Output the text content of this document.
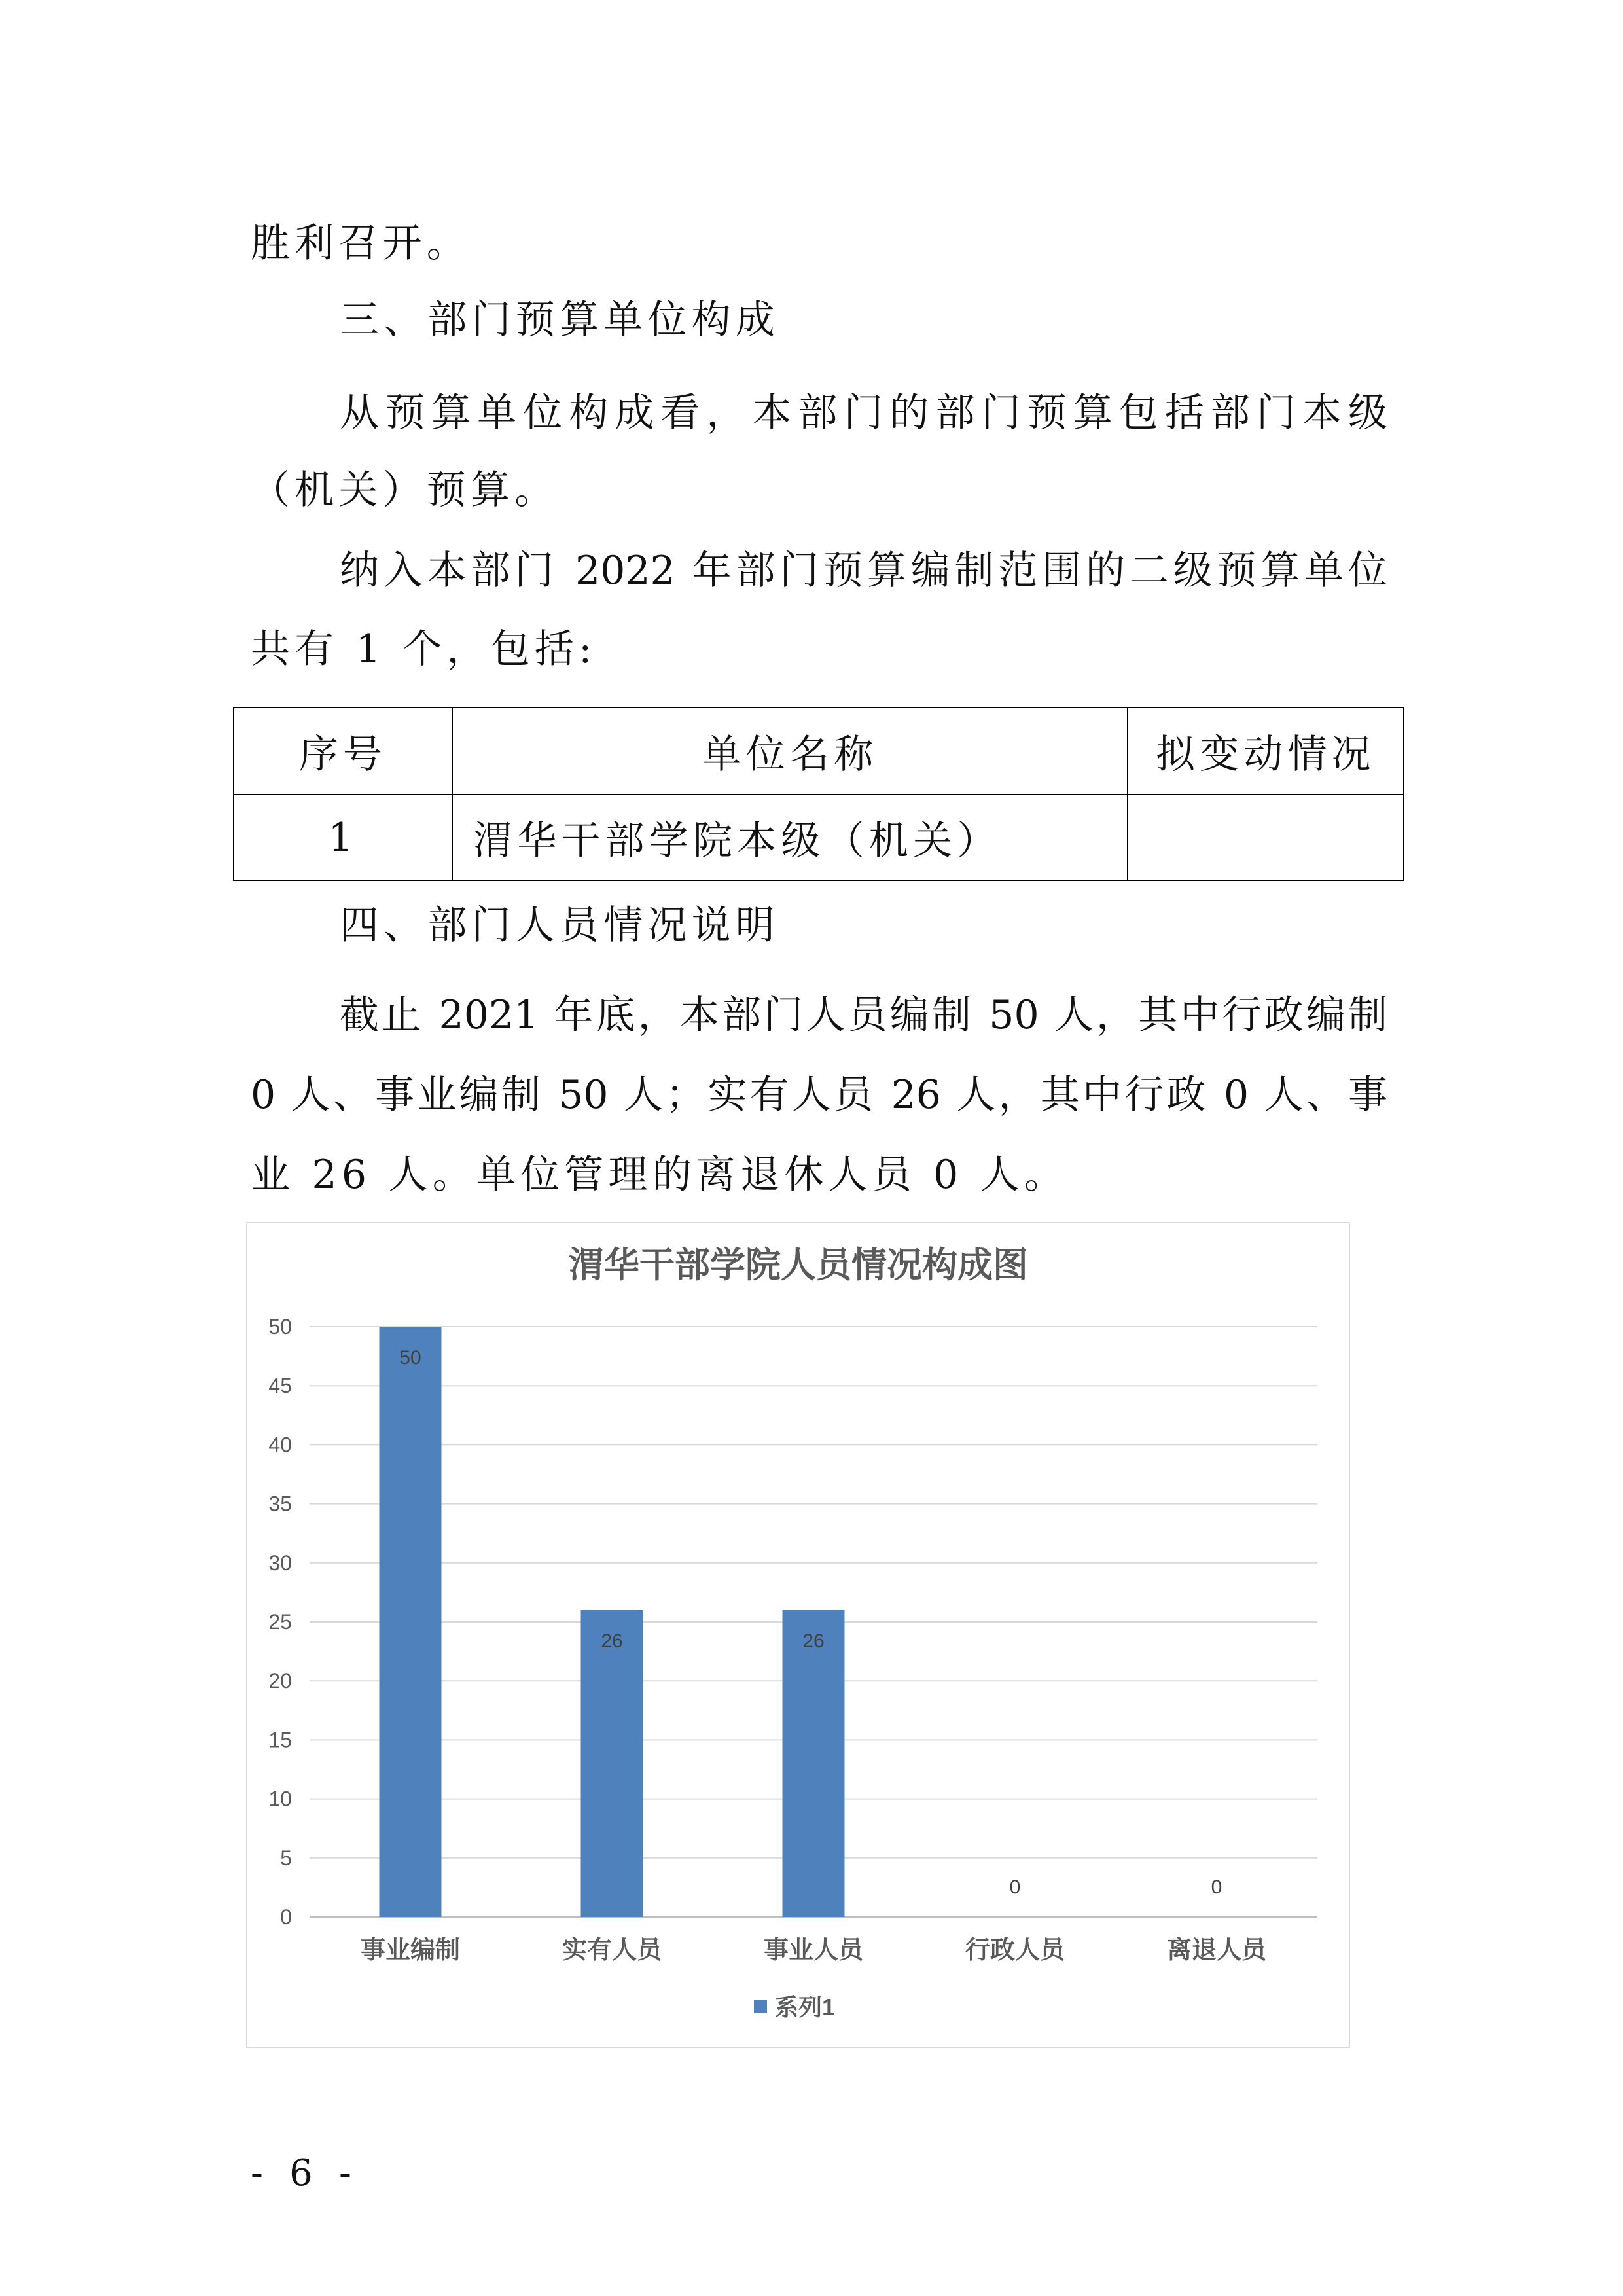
胜利召开。
三、部门预算单位构成
从预算单位构成看，本部门的部门预算包括部门本级
（机关）预算。
纳入本部门 2022 年部门预算编制范围的二级预算单位
共有 1 个，包括:
序号	单位名称	拟变动情况
1	渭华干部学院本级（机关）	
四、部门人员情况说明
截止 2021 年底，本部门人员编制 50 人，其中行政编制
0 人、事业编制 50 人；实有人员 26 人，其中行政 0 人、事
业 26 人。单位管理的离退休人员 0 人。
渭华干部学院人员情况构成图
0
5
10
15
20
25
30
35
40
45
50
50
事业编制
26
实有人员
26
事业人员
0
行政人员
0
离退人员
系列1
- 6 -
